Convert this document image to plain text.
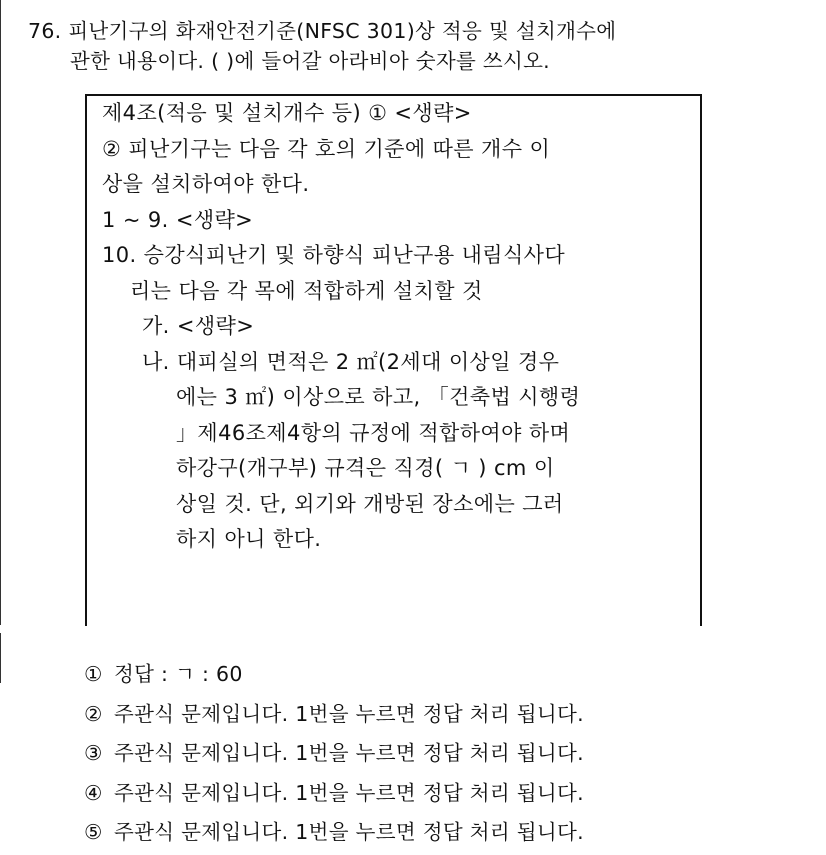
76. 피난기구의 화재안전기준(NFSC 301)상 적응 및 설치개수에
관한 내용이다. ( )에 들어갈 아라비아 숫자를 쓰시오.

제4조(적응 및 설치개수 등) ① <생략>

② 피난기구는 다음 각 호의 기준에 따른 개수 이

상을 설치하여야 한다.

1 ~ 9. <생략>

10. 승강식피난기 및 하향식 피난구용 내림식사다

리는 다음 각 목에 적합하게 설치할 것

가. <생략>

나. 대피실의 면적은 2 ㎡(2세대 이상일 경우

에는 3 ㎡) 이상으로 하고, 「건축법 시행령

」제46조제4항의 규정에 적합하여야 하며

하강구(개구부) 규격은 직경( ㄱ ) cm 이

상일 것. 단, 외기와 개방된 장소에는 그러

하지 아니 한다.

① 정답 : ㄱ : 60
② 주관식 문제입니다. 1번을 누르면 정답 처리 됩니다.
③ 주관식 문제입니다. 1번을 누르면 정답 처리 됩니다.
④ 주관식 문제입니다. 1번을 누르면 정답 처리 됩니다.
⑤ 주관식 문제입니다. 1번을 누르면 정답 처리 됩니다.
